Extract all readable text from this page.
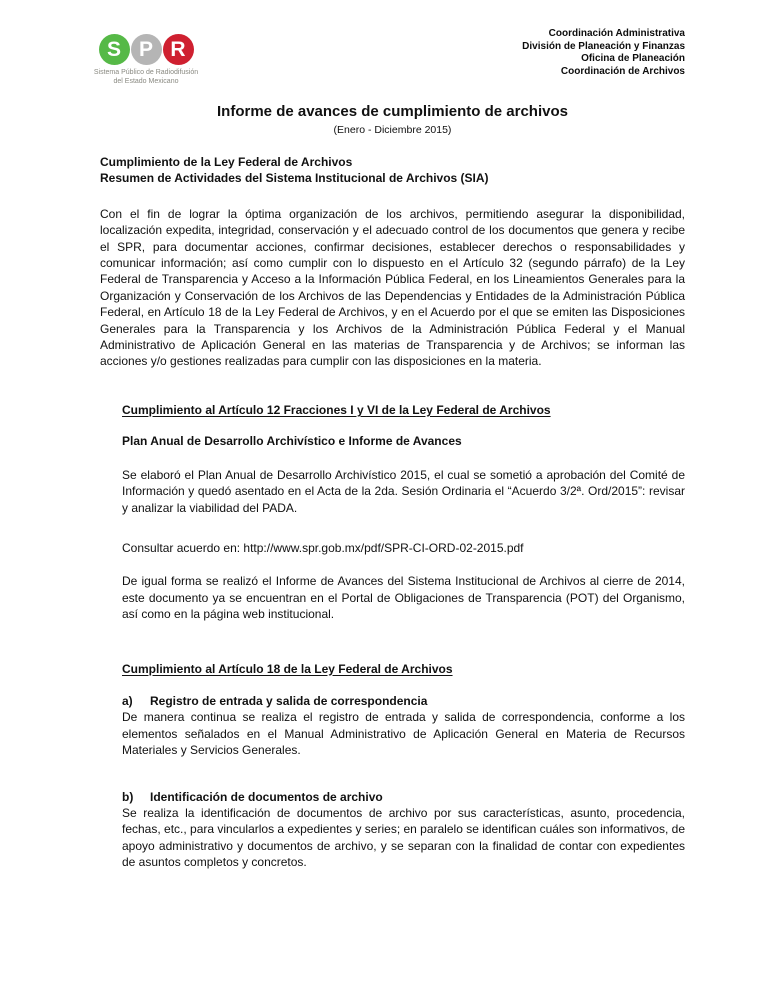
S P R
Sistema Público de Radiodifusión
del Estado Mexicano
Coordinación Administrativa
División de Planeación y Finanzas
Oficina de Planeación
Coordinación de Archivos
Informe de avances de cumplimiento de archivos
(Enero - Diciembre 2015)
Cumplimiento de la Ley Federal de Archivos
Resumen de Actividades del Sistema Institucional de Archivos (SIA)

Con el fin de lograr la óptima organización de los archivos, permitiendo asegurar la disponibilidad, localización expedita, integridad, conservación y el adecuado control de los documentos que genera y recibe el SPR, para documentar acciones, confirmar decisiones, establecer derechos o responsabilidades y comunicar información; así como cumplir con lo dispuesto en el Artículo 32 (segundo párrafo) de la Ley Federal de Transparencia y Acceso a la Información Pública Federal, en los Lineamientos Generales para la Organización y Conservación de los Archivos de las Dependencias y Entidades de la Administración Pública Federal, en Artículo 18 de la Ley Federal de Archivos, y en el Acuerdo por el que se emiten las Disposiciones Generales para la Transparencia y los Archivos de la Administración Pública Federal y el Manual Administrativo de Aplicación General en las materias de Transparencia y de Archivos; se informan las acciones y/o gestiones realizadas para cumplir con las disposiciones en la materia.

Cumplimiento al Artículo 12 Fracciones I y VI de la Ley Federal de Archivos
Plan Anual de Desarrollo Archivístico e Informe de Avances

Se elaboró el Plan Anual de Desarrollo Archivístico 2015, el cual se sometió a aprobación del Comité de Información y quedó asentado en el Acta de la 2da. Sesión Ordinaria el “Acuerdo 3/2ª. Ord/2015”: revisar y analizar la viabilidad del PADA.

Consultar acuerdo en: http://www.spr.gob.mx/pdf/SPR-CI-ORD-02-2015.pdf

De igual forma se realizó el Informe de Avances del Sistema Institucional de Archivos al cierre de 2014, este documento ya se encuentran en el Portal de Obligaciones de Transparencia (POT) del Organismo, así como en la página web institucional.

Cumplimiento al Artículo 18 de la Ley Federal de Archivos
a)	Registro de entrada y salida de correspondencia
De manera continua se realiza el registro de entrada y salida de correspondencia, conforme a los elementos señalados en el Manual Administrativo de Aplicación General en Materia de Recursos Materiales y Servicios Generales.
b)	Identificación de documentos de archivo
Se realiza la identificación de documentos de archivo por sus características, asunto, procedencia, fechas, etc., para vincularlos a expedientes y series; en paralelo se identifican cuáles son informativos, de apoyo administrativo y documentos de archivo, y se separan con la finalidad de contar con expedientes de asuntos completos y concretos.
